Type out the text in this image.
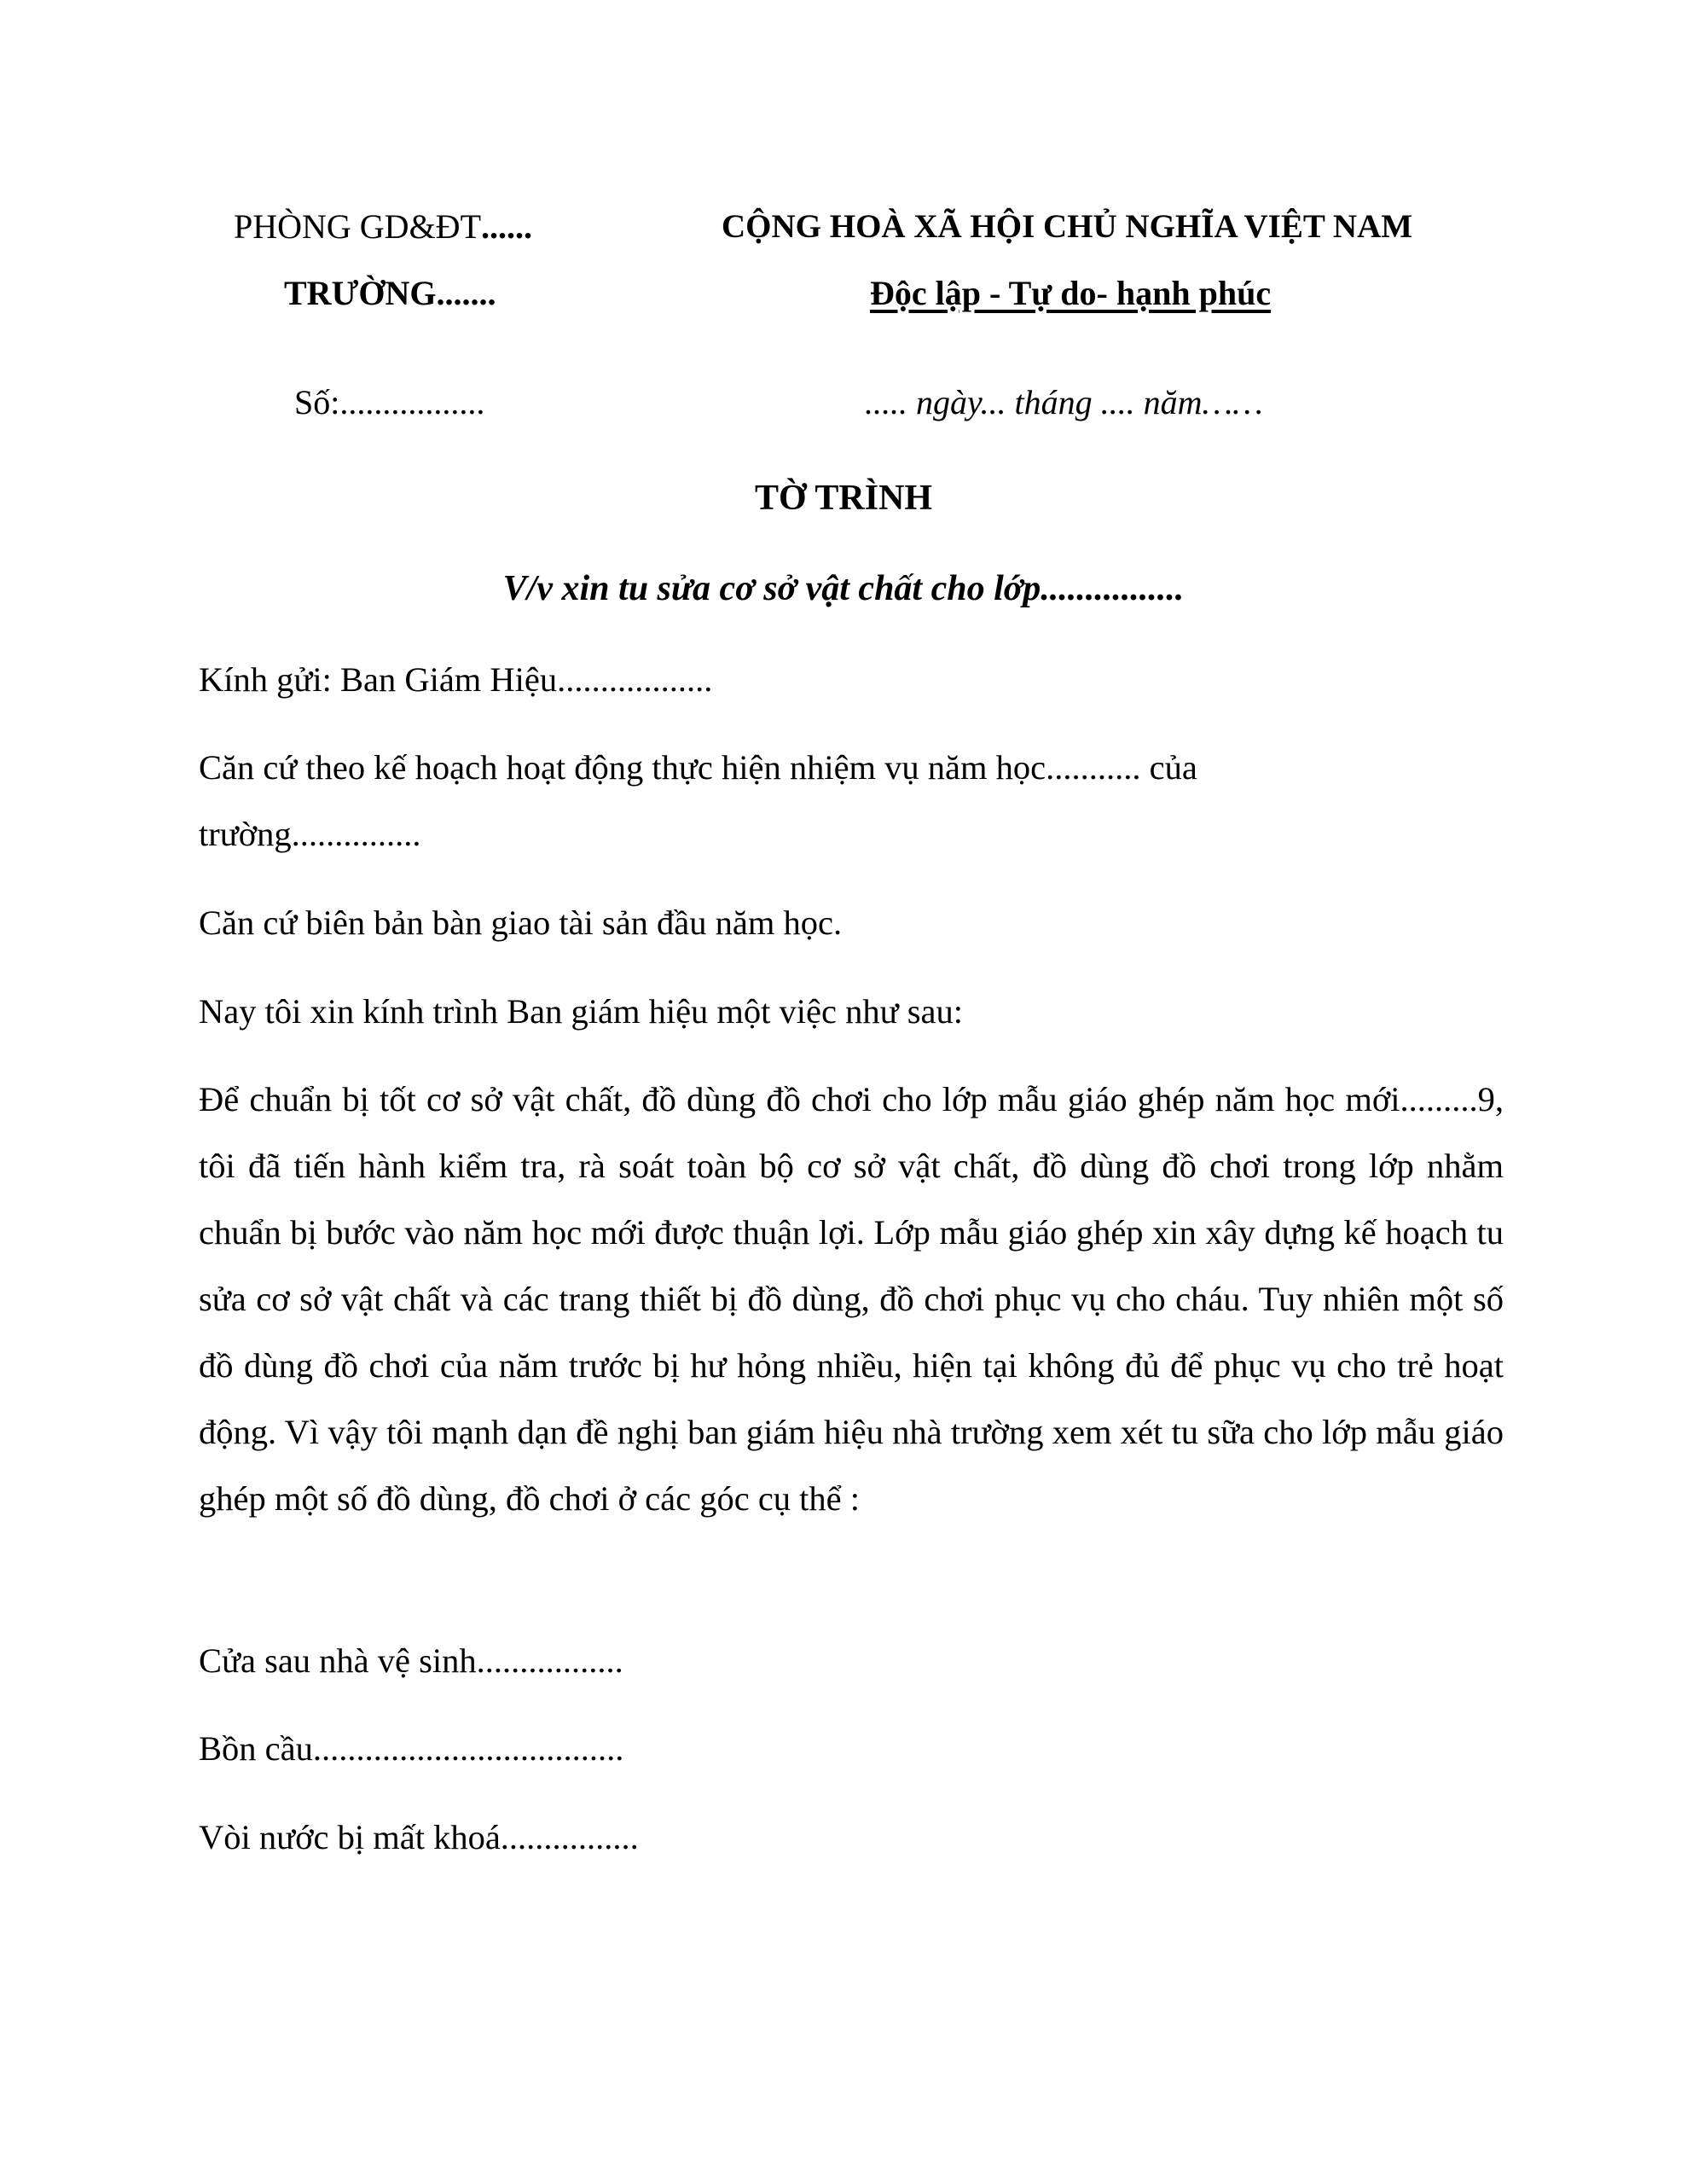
PHÒNG GD&ĐT......
TRƯỜNG.......
Số:.................
CỘNG HOÀ XÃ HỘI CHỦ NGHĨA VIỆT NAM
Độc lập - Tự do- hạnh phúc
..... ngày... tháng .... năm……
TỜ TRÌNH
V/v xin tu sửa cơ sở vật chất cho lớp................
Kính gửi: Ban Giám Hiệu..................
Căn cứ theo kế hoạch hoạt động thực hiện nhiệm vụ năm học........... của
trường...............
Căn cứ biên bản bàn giao tài sản đầu năm học.
Nay tôi xin kính trình Ban giám hiệu một việc như sau:
Để chuẩn bị tốt cơ sở vật chất, đồ dùng đồ chơi cho lớp mẫu giáo ghép năm học mới.........9, tôi đã tiến hành kiểm tra, rà soát toàn bộ cơ sở vật chất, đồ dùng đồ chơi trong lớp nhằm chuẩn bị bước vào năm học mới được thuận lợi. Lớp mẫu giáo ghép xin xây dựng kế hoạch tu sửa cơ sở vật chất và các trang thiết bị đồ dùng, đồ chơi phục vụ cho cháu. Tuy nhiên một số đồ dùng đồ chơi của năm trước bị hư hỏng nhiều, hiện tại không đủ để phục vụ cho trẻ hoạt động. Vì vậy tôi mạnh dạn đề nghị ban giám hiệu nhà trường xem xét tu sữa cho lớp mẫu giáo ghép một số đồ dùng, đồ chơi ở các góc cụ thể :
Cửa sau nhà vệ sinh.................
Bồn cầu....................................
Vòi nước bị mất khoá................
